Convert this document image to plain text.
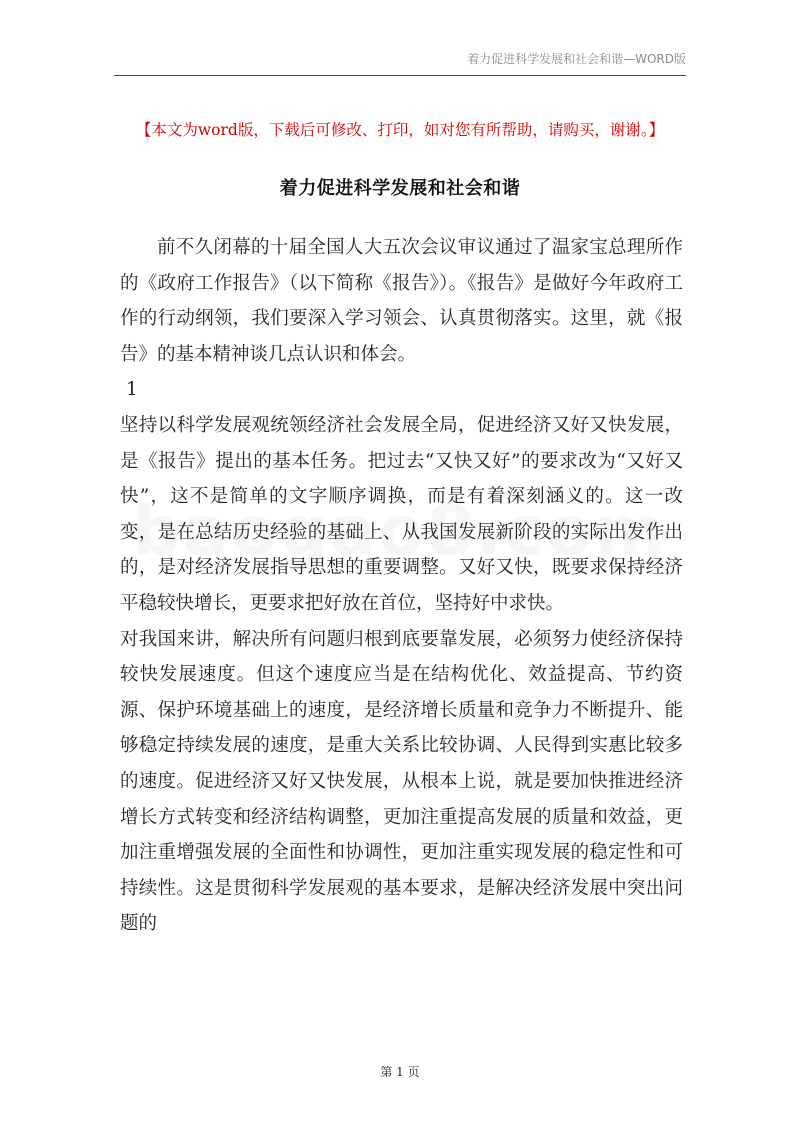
着力促进科学发展和社会和谐—WORD版
【本文为word版，下载后可修改、打印，如对您有所帮助，请购买，谢谢。】
着力促进科学发展和社会和谐

前不久闭幕的十届全国人大五次会议审议通过了温家宝总理所作的《政府工作报告》（以下简称《报告》）。《报告》是做好今年政府工作的行动纲领，我们要深入学习领会、认真贯彻落实。这里，就《报告》的基本精神谈几点认识和体会。

1

坚持以科学发展观统领经济社会发展全局，促进经济又好又快发展，是《报告》提出的基本任务。把过去“又快又好”的要求改为“又好又快”，这不是简单的文字顺序调换，而是有着深刻涵义的。这一改变，是在总结历史经验的基础上、从我国发展新阶段的实际出发作出的，是对经济发展指导思想的重要调整。又好又快，既要求保持经济平稳较快增长，更要求把好放在首位，坚持好中求快。

对我国来讲，解决所有问题归根到底要靠发展，必须努力使经济保持较快发展速度。但这个速度应当是在结构优化、效益提高、节约资源、保护环境基础上的速度，是经济增长质量和竞争力不断提升、能够稳定持续发展的速度，是重大关系比较协调、人民得到实惠比较多的速度。促进经济又好又快发展，从根本上说，就是要加快推进经济增长方式转变和经济结构调整，更加注重提高发展的质量和效益，更加注重增强发展的全面性和协调性，更加注重实现发展的稳定性和可持续性。这是贯彻科学发展观的基本要求，是解决经济发展中突出问题的

第 1 页
